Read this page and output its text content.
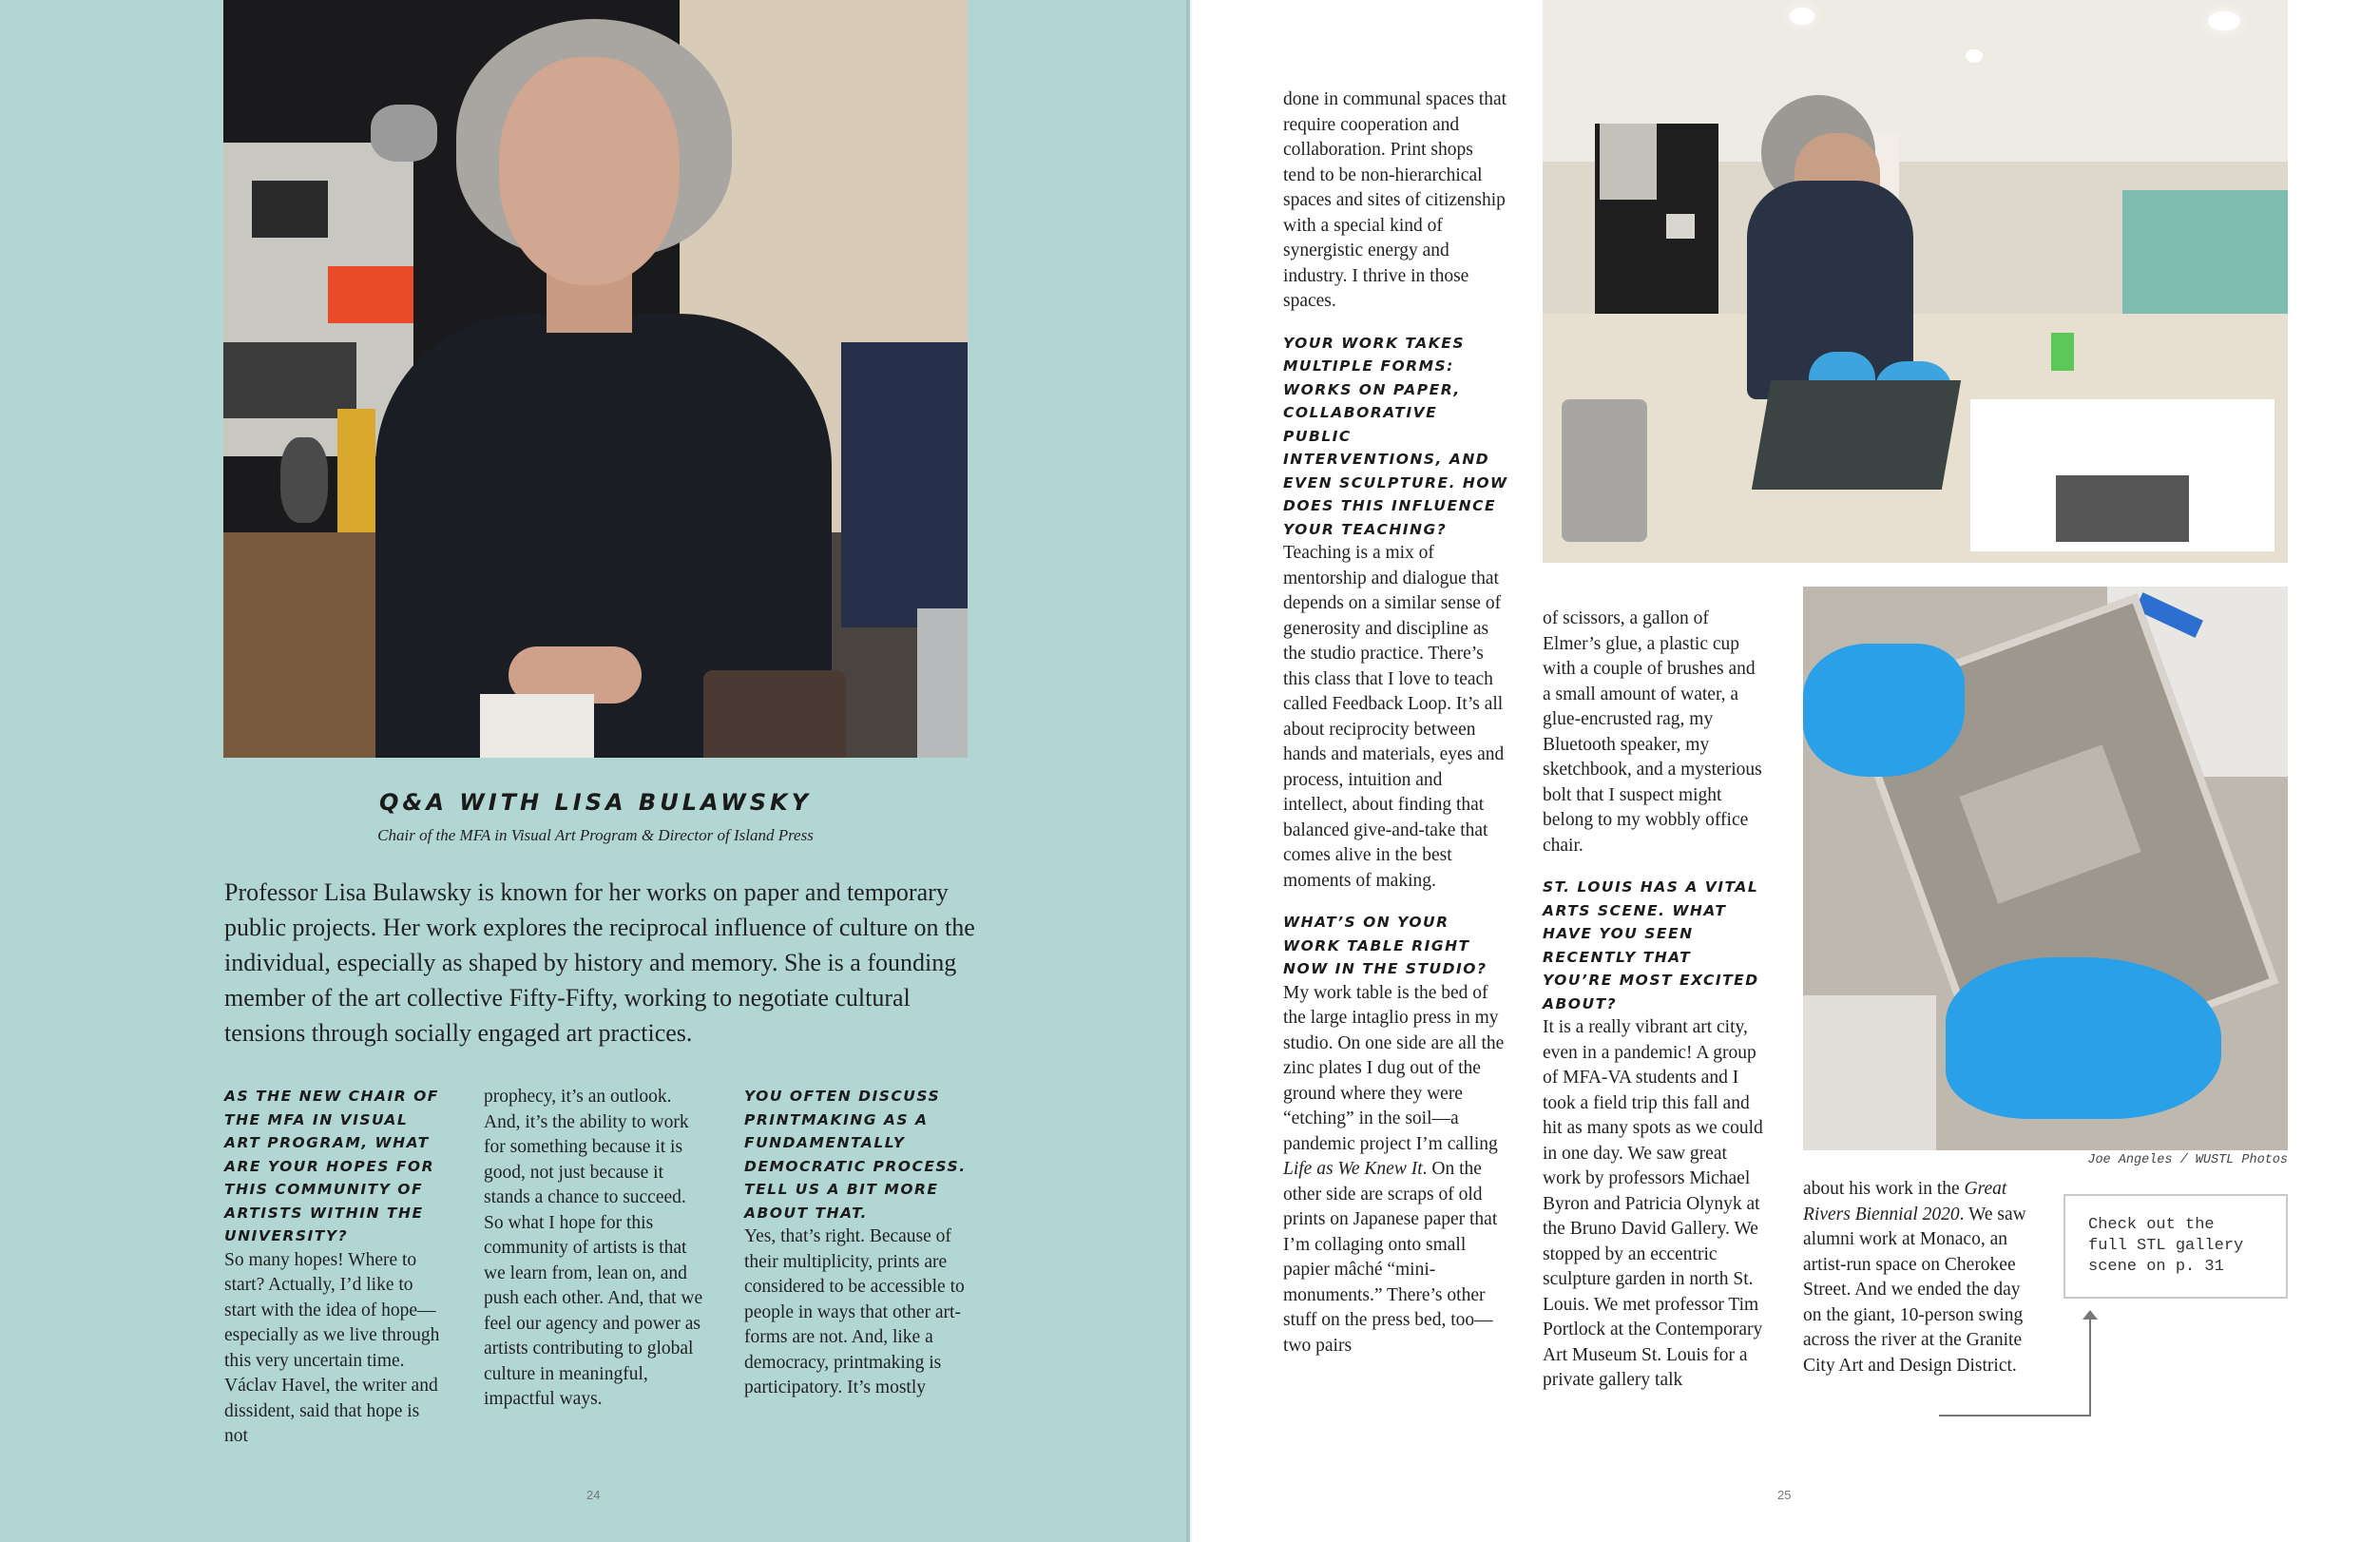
Joe Angeles / WUSTL Photos
Q&A WITH LISA BULAWSKY
Chair of the MFA in Visual Art Program & Director of Island Press

Professor Lisa Bulawsky is known for her works on paper and temporary public projects. Her work explores the reciprocal influence of culture on the individual, especially as shaped by history and memory. She is a founding member of the art collective Fifty-Fifty, working to negotiate cultural tensions through socially engaged art practices.

AS THE NEW CHAIR OF THE MFA IN VISUAL ART PROGRAM, WHAT ARE YOUR HOPES FOR THIS COMMUNITY OF ARTISTS WITHIN THE UNIVERSITY?

So many hopes! Where to start? Actually, I’d like to start with the idea of hope—especially as we live through this very uncertain time. Václav Havel, the writer and dissident, said that hope is not

prophecy, it’s an outlook. And, it’s the ability to work for something because it is good, not just because it stands a chance to succeed. So what I hope for this community of artists is that we learn from, lean on, and push each other. And, that we feel our agency and power as artists contributing to global culture in meaningful, impactful ways.

YOU OFTEN DISCUSS PRINTMAKING AS A FUNDAMENTALLY DEMOCRATIC PROCESS. TELL US A BIT MORE ABOUT THAT.

Yes, that’s right. Because of their multiplicity, prints are considered to be accessible to people in ways that other art-forms are not. And, like a democracy, printmaking is participatory. It’s mostly

24

done in communal spaces that require cooperation and collaboration. Print shops tend to be non-hierarchical spaces and sites of citizenship with a special kind of synergistic energy and industry. I thrive in those spaces.

YOUR WORK TAKES MULTIPLE FORMS: WORKS ON PAPER, COLLABORATIVE PUBLIC INTERVENTIONS, AND EVEN SCULPTURE. HOW DOES THIS INFLUENCE YOUR TEACHING?

Teaching is a mix of mentorship and dialogue that depends on a similar sense of generosity and discipline as the studio practice. There’s this class that I love to teach called Feedback Loop. It’s all about reciprocity between hands and materials, eyes and process, intuition and intellect, about finding that balanced give-and-take that comes alive in the best moments of making.

WHAT’S ON YOUR WORK TABLE RIGHT NOW IN THE STUDIO?

My work table is the bed of the large intaglio press in my studio. On one side are all the zinc plates I dug out of the ground where they were “etching” in the soil—a pandemic project I’m calling Life as We Knew It. On the other side are scraps of old prints on Japanese paper that I’m collaging onto small papier mâché “mini-monuments.” There’s other stuff on the press bed, too—two pairs

of scissors, a gallon of Elmer’s glue, a plastic cup with a couple of brushes and a small amount of water, a glue-encrusted rag, my Bluetooth speaker, my sketchbook, and a mysterious bolt that I suspect might belong to my wobbly office chair.

ST. LOUIS HAS A VITAL ARTS SCENE. WHAT HAVE YOU SEEN RECENTLY THAT YOU’RE MOST EXCITED ABOUT?

It is a really vibrant art city, even in a pandemic! A group of MFA-VA students and I took a field trip this fall and hit as many spots as we could in one day. We saw great work by professors Michael Byron and Patricia Olynyk at the Bruno David Gallery. We stopped by an eccentric sculpture garden in north St. Louis. We met professor Tim Portlock at the Contemporary Art Museum St. Louis for a private gallery talk

about his work in the Great Rivers Biennial 2020. We saw alumni work at Monaco, an artist-run space on Cherokee Street. And we ended the day on the giant, 10-person swing across the river at the Granite City Art and Design District.

Check out the
full STL gallery
scene on p. 31
25
